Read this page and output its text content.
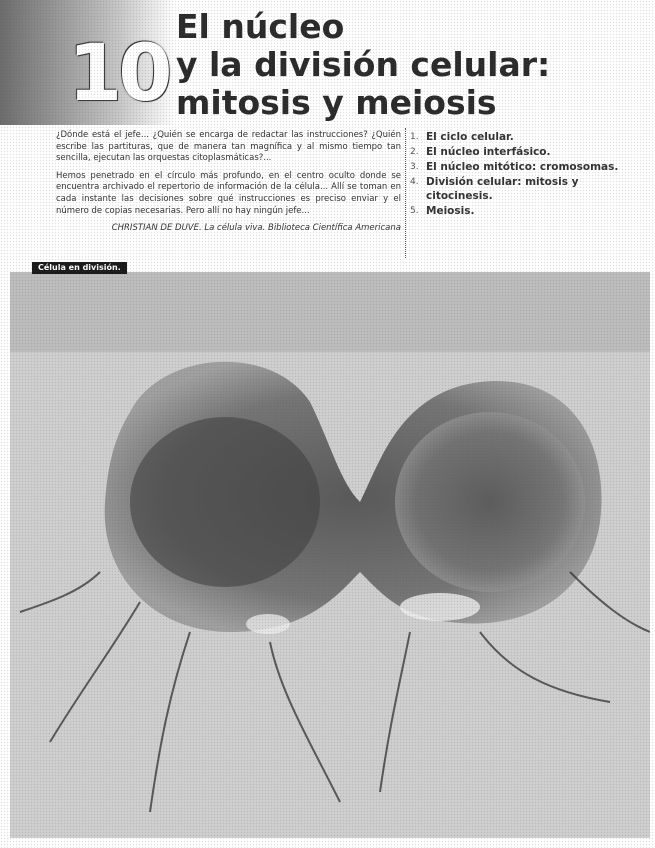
10
El núcleo
y la división celular:
mitosis y meiosis

¿Dónde está el jefe... ¿Quién se encarga de redactar las instrucciones? ¿Quién escribe las partituras, que de manera tan magnífica y al mismo tiempo tan sencilla, ejecutan las orquestas citoplasmáticas?...

Hemos penetrado en el círculo más profundo, en el centro oculto donde se encuentra archivado el repertorio de información de la célula... Allí se toman en cada instante las decisiones sobre qué instrucciones es preciso enviar y el número de copias necesarias. Pero allí no hay ningún jefe...

CHRISTIAN DE DUVE. La célula viva. Biblioteca Científica Americana

1. El ciclo celular.
2. El núcleo interfásico.
3. El núcleo mitótico: cromosomas.
4. División celular: mitosis y citocinesis.
5. Meiosis.
Célula en división.
